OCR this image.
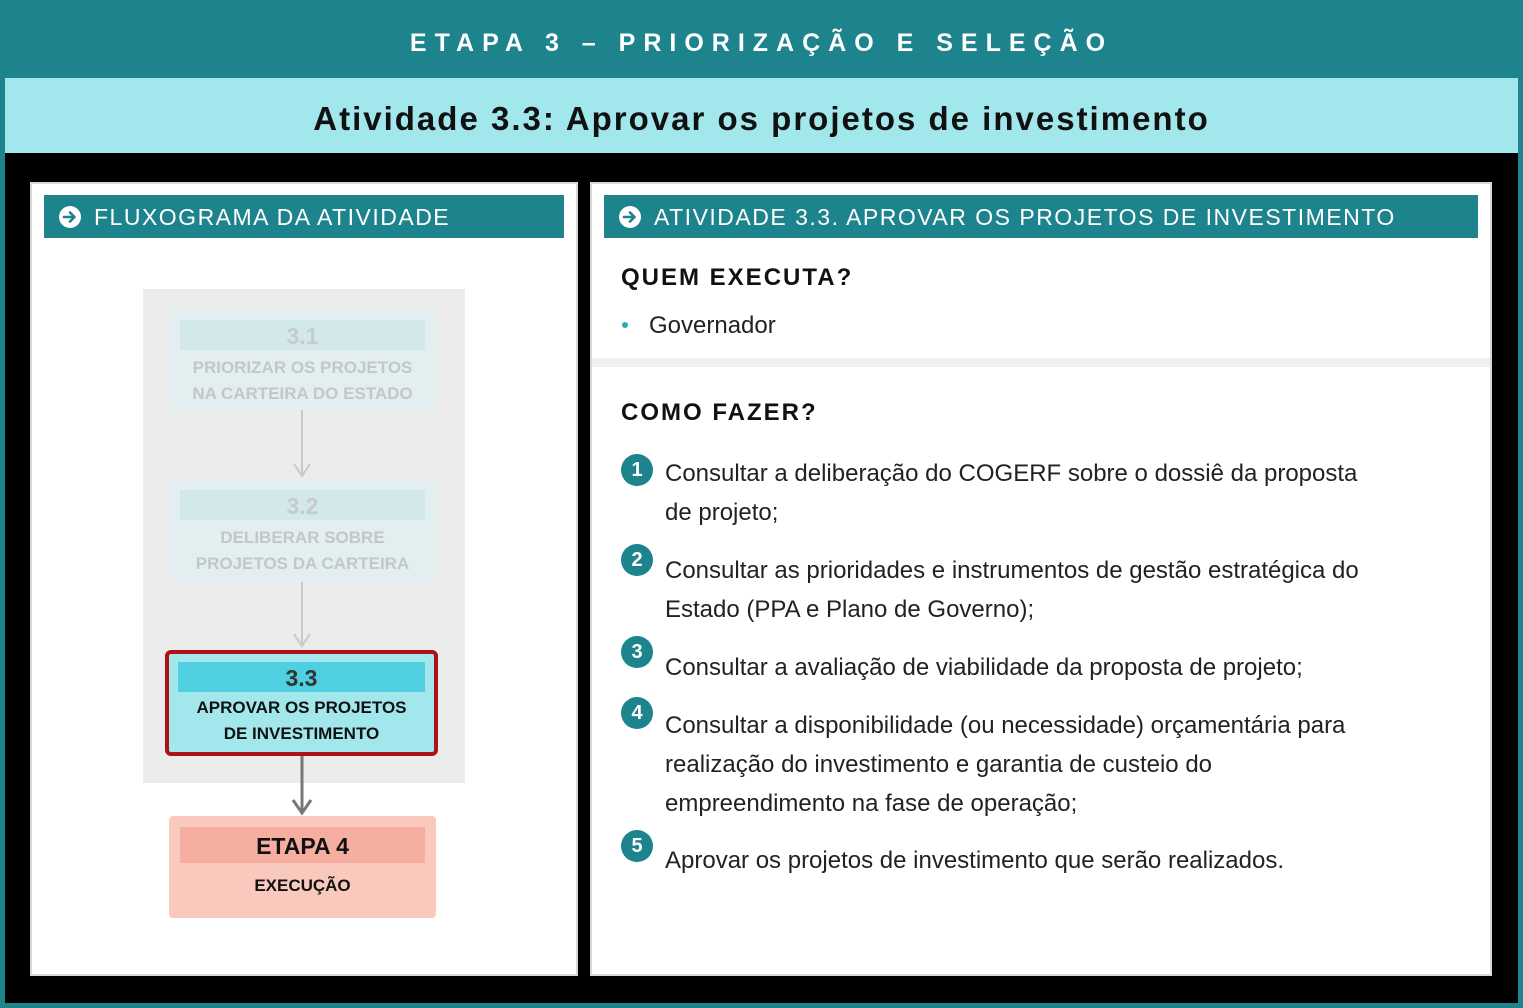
ETAPA 3 – PRIORIZAÇÃO E SELEÇÃO
Atividade 3.3: Aprovar os projetos de investimento
FLUXOGRAMA DA ATIVIDADE
3.1
PRIORIZAR OS PROJETOS
NA CARTEIRA DO ESTADO
3.2
DELIBERAR SOBRE
PROJETOS DA CARTEIRA
3.3
APROVAR OS PROJETOS
DE INVESTIMENTO
ETAPA 4
EXECUÇÃO
ATIVIDADE 3.3. APROVAR OS PROJETOS DE INVESTIMENTO
QUEM EXECUTA?
Governador
COMO FAZER?
1 Consultar a deliberação do COGERF sobre o dossiê da proposta
de projeto;
2 Consultar as prioridades e instrumentos de gestão estratégica do
Estado (PPA e Plano de Governo);
3
Consultar a avaliação de viabilidade da proposta de projeto;
4 Consultar a disponibilidade (ou necessidade) orçamentária para
realização do investimento e garantia de custeio do
empreendimento na fase de operação;
5
Aprovar os projetos de investimento que serão realizados.
